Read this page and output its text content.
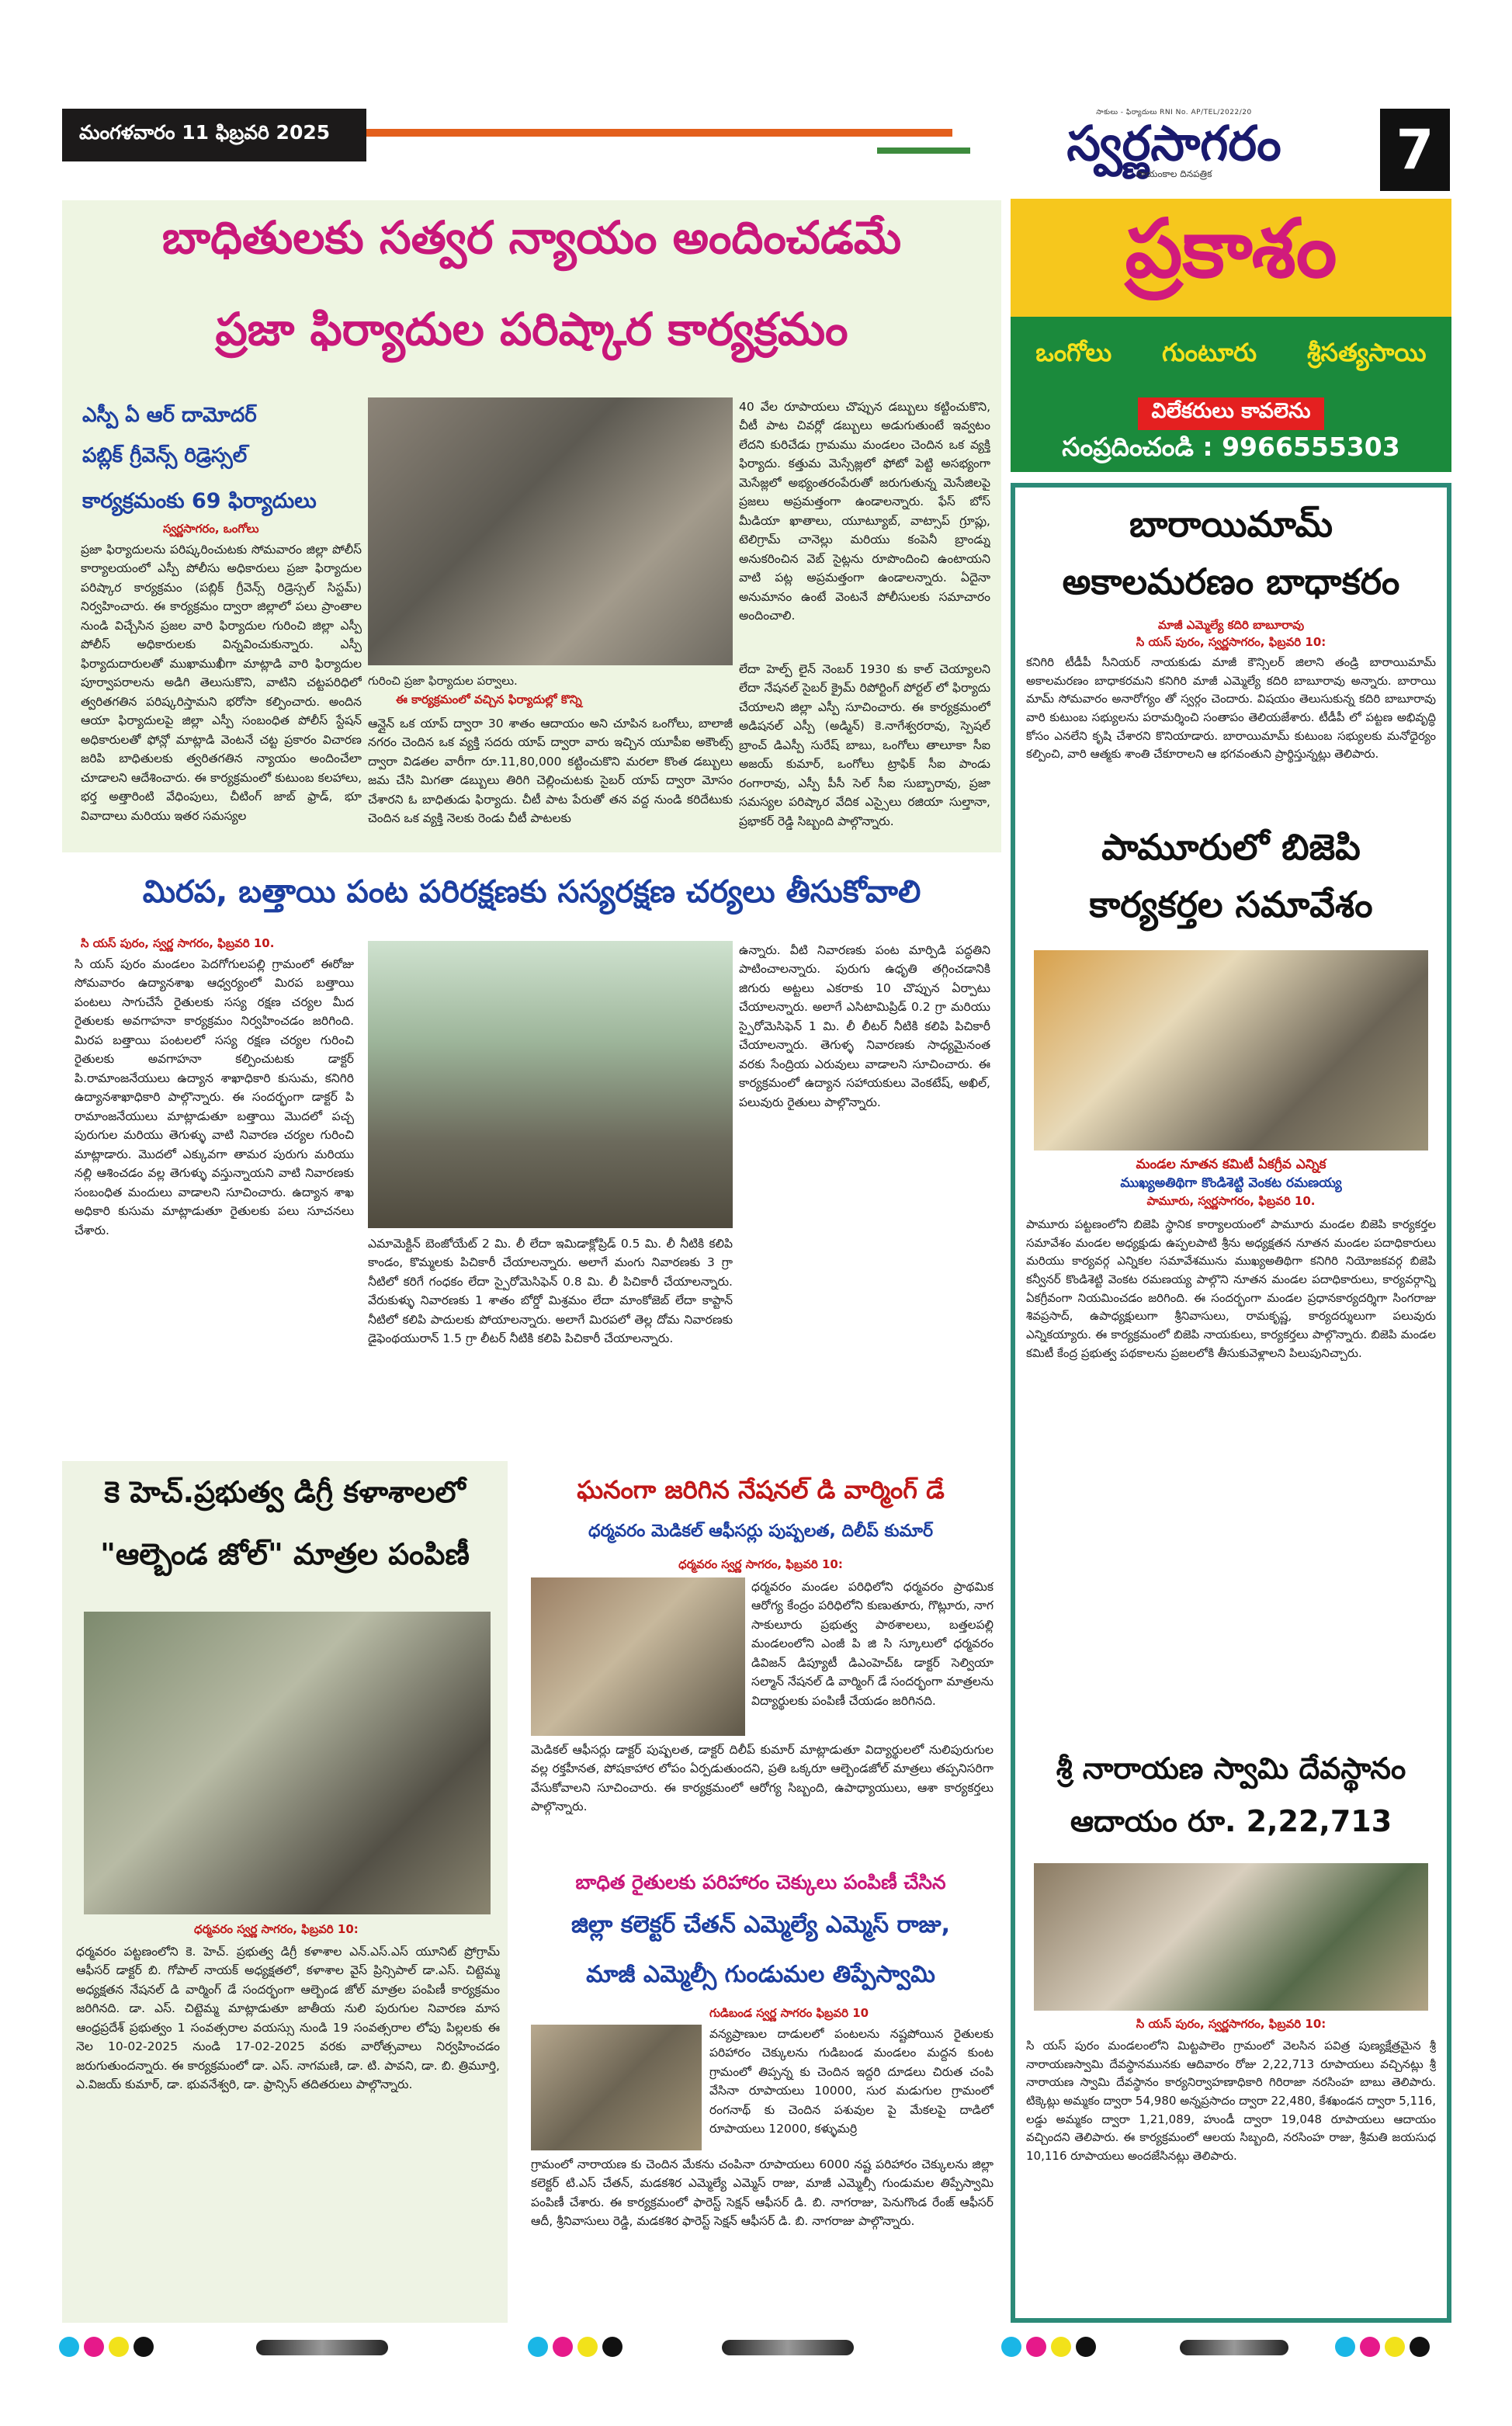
మంగళవారం 11 ఫిబ్రవరి 2025
సాకులు - ఫిర్యాదులు RNI No. AP/TEL/2022/20
స్వర్ణసాగరం
సాయంకాల దినపత్రిక	7
ప్రకాశం
ఒంగోలు గుంటూరు శ్రీసత్యసాయి
విలేకరులు కావలెను
సంప్రదించండి : 9966555303
బాధితులకు సత్వర న్యాయం అందించడమే
ప్రజా ఫిర్యాదుల పరిష్కార కార్యక్రమం
ఎస్పీ ఏ ఆర్ దామోదర్
పబ్లిక్ గ్రీవెన్స్ రిడ్రెస్సల్
కార్యక్రమంకు 69 ఫిర్యాదులు
స్వర్ణసాగరం, ఒంగోలు
ప్రజా ఫిర్యాదులను పరిష్కరించుటకు సోమవారం జిల్లా పోలీస్ కార్యాలయంలో ఎస్పీ పోలీసు అధికారులు ప్రజా ఫిర్యాదుల పరిష్కార కార్యక్రమం (పబ్లిక్ గ్రీవెన్స్ రిడ్రెస్సల్ సిస్టమ్) నిర్వహించారు. ఈ కార్యక్రమం ద్వారా జిల్లాలో పలు ప్రాంతాల నుండి విచ్చేసిన ప్రజల వారి ఫిర్యాదుల గురించి జిల్లా ఎస్పీ పోలీస్ అధికారులకు విన్నవించుకున్నారు. ఎస్పీ ఫిర్యాదుదారులతో ముఖాముఖీగా మాట్లాడి వారి ఫిర్యాదుల పూర్వాపరాలను అడిగి తెలుసుకొని, వాటిని చట్టపరిధిలో త్వరితగతిన పరిష్కరిస్తామని భరోసా కల్పించారు. అందిన ఆయా ఫిర్యాదులపై జిల్లా ఎస్పీ సంబంధిత పోలీస్ స్టేషన్ అధికారులతో ఫోన్లో మాట్లాడి వెంటనే చట్ట ప్రకారం విచారణ జరిపి బాధితులకు త్వరితగతిన న్యాయం అందించేలా చూడాలని ఆదేశించారు. ఈ కార్యక్రమంలో కుటుంబ కలహాలు, భర్త అత్తారింటి వేధింపులు, చీటింగ్ జాబ్ ఫ్రాడ్, భూ వివాదాలు మరియు ఇతర సమస్యల
గురించి ప్రజా ఫిర్యాదుల పర్వాలు.
ఈ కార్యక్రమంలో వచ్చిన ఫిర్యాదుల్లో కొన్ని
ఆన్లైన్ ఒక యాప్ ద్వారా 30 శాతం ఆదాయం అని చూపిన ఒంగోలు, బాలాజీ నగరం చెందిన ఒక వ్యక్తి సదరు యాప్ ద్వారా వారు ఇచ్చిన యూపీఐ అకౌంట్స్ ద్వారా విడతల వారీగా రూ.11,80,000 కట్టించుకొని మరలా కొంత డబ్బులు జమ చేసి మిగతా డబ్బులు తిరిగి చెల్లించుటకు సైబర్ యాప్ ద్వారా మోసం చేశారని ఓ బాధితుడు ఫిర్యాదు. చీటీ పాట పేరుతో తన వద్ద నుండి కరిదేటుకు చెందిన ఒక వ్యక్తి నెలకు రెండు చీటీ పాటలకు
40 వేల రూపాయలు చొప్పున డబ్బులు కట్టించుకొని, చీటీ పాట చివర్లో డబ్బులు అడుగుతుంటే ఇవ్వటం లేదని కురిచేడు గ్రామము మండలం చెందిన ఒక వ్యక్తి ఫిర్యాదు. కత్తుమ మెస్సేజ్లలో ఫోటో పెట్టి అసభ్యంగా మెసేజ్లలో అభ్యంతరంపేరుతో జరుగుతున్న మెసేజిలపై ప్రజలు అప్రమత్తంగా ఉండాలన్నారు. ఫేస్ బోస్ మీడియా ఖాతాలు, యూట్యూబ్, వాట్సాప్ గ్రూప్లు, టెలిగ్రామ్ చానెల్లు మరియు కంపెనీ బ్రాండ్ను అనుకరించిన వెబ్ సైట్లను రూపొందించి ఉంటాయని వాటి పట్ల అప్రమత్తంగా ఉండాలన్నారు. ఏదైనా అనుమానం ఉంటే వెంటనే పోలీసులకు సమాచారం అందించాలి.
లేదా హెల్ప్ లైన్ నెంబర్ 1930 కు కాల్ చెయ్యాలని లేదా నేషనల్ సైబర్ క్రైమ్ రిపోర్టింగ్ పోర్టల్ లో ఫిర్యాదు చేయాలని జిల్లా ఎస్పీ సూచించారు. ఈ కార్యక్రమంలో అడిషనల్ ఎస్పీ (అడ్మిన్) కె.నాగేశ్వరరావు, స్పెషల్ బ్రాంచ్ డిఎస్పీ సురేష్ బాబు, ఒంగోలు తాలూకా సీఐ అజయ్ కుమార్, ఒంగోలు ట్రాఫిక్ సీఐ పాండు రంగారావు, ఎస్పీ పీసీ సెల్ సీఐ సుబ్బారావు, ప్రజా సమస్యల పరిష్కార వేదిక ఎస్సైలు రజియా సుల్తానా, ప్రభాకర్ రెడ్డి సిబ్బంది పాల్గొన్నారు.
మిరప, బత్తాయి పంట పరిరక్షణకు సస్యరక్షణ చర్యలు తీసుకోవాలి
సి యస్ పురం, స్వర్ణ సాగరం, ఫిబ్రవరి 10.
సి యస్ పురం మండలం పెదగోగులపల్లి గ్రామంలో ఈరోజు సోమవారం ఉద్యానశాఖ ఆధ్వర్యంలో మిరప బత్తాయి పంటలు సాగుచేసే రైతులకు సస్య రక్షణ చర్యల మీద రైతులకు అవగాహనా కార్యక్రమం నిర్వహించడం జరిగింది. మిరప బత్తాయి పంటలలో సస్య రక్షణ చర్యల గురించి రైతులకు అవగాహనా కల్పించుటకు డాక్టర్ పి.రామాంజనేయులు ఉద్యాన శాఖాధికారి కుసుమ, కనిగిరి ఉద్యానశాఖాధికారి పాల్గొన్నారు. ఈ సందర్భంగా డాక్టర్ పి రామాంజనేయులు మాట్లాడుతూ బత్తాయి మొదలో పచ్చ పురుగుల మరియు తెగుళ్ళు వాటి నివారణ చర్యల గురించి మాట్లాడారు. మొదలో ఎక్కువగా తామర పురుగు మరియు నల్లి ఆశించడం వల్ల తెగుళ్ళు వస్తున్నాయని వాటి నివారణకు సంబంధిత మందులు వాడాలని సూచించారు. ఉద్యాన శాఖ అధికారి కుసుమ మాట్లాడుతూ రైతులకు పలు సూచనలు చేశారు.
ఎమామెక్టిన్ బెంజోయేట్ 2 మి. లీ లేదా ఇమిడాక్లోప్రిడ్ 0.5 మి. లీ నీటికి కలిపి కాండం, కొమ్మలకు పిచికారీ చేయాలన్నారు. అలాగే మంగు నివారణకు 3 గ్రా నీటిలో కరిగే గంధకం లేదా స్పైరోమెసిఫెన్ 0.8 మి. లీ పిచికారీ చేయాలన్నారు. వేరుకుళ్ళు నివారణకు 1 శాతం బోర్డో మిశ్రమం లేదా మాంకోజెబ్ లేదా కాప్టాన్ నీటిలో కలిపి పాదులకు పోయాలన్నారు. అలాగే మిరపలో తెల్ల దోమ నివారణకు డైఫెంథయురాన్ 1.5 గ్రా లీటర్ నీటికి కలిపి పిచికారీ చేయాలన్నారు.
ఉన్నారు. వీటి నివారణకు పంట మార్పిడి పద్ధతిని పాటించాలన్నారు. పురుగు ఉధృతి తగ్గించడానికి జిగురు అట్టలు ఎకరాకు 10 చొప్పున ఏర్పాటు చేయాలన్నారు. అలాగే ఎసిటామిప్రిడ్ 0.2 గ్రా మరియు స్పైరోమెసిఫెన్ 1 మి. లీ లీటర్ నీటికి కలిపి పిచికారీ చేయాలన్నారు. తెగుళ్ళ నివారణకు సాధ్యమైనంత వరకు సేంద్రియ ఎరువులు వాడాలని సూచించారు. ఈ కార్యక్రమంలో ఉద్యాన సహాయకులు వెంకటేష్, అఖిల్, పలువురు రైతులు పాల్గొన్నారు.
కె హెచ్.ప్రభుత్వ డిగ్రీ కళాశాలలో
"ఆల్బెండ జోల్" మాత్రల పంపిణీ
ధర్మవరం స్వర్ణ సాగరం, ఫిబ్రవరి 10:
ధర్మవరం పట్టణంలోని కె. హెచ్. ప్రభుత్వ డిగ్రీ కళాశాల ఎన్.ఎస్.ఎస్ యూనిట్ ప్రోగ్రామ్ ఆఫీసర్ డాక్టర్ బి. గోపాల్ నాయక్ అధ్యక్షతలో, కళాశాల వైస్ ప్రిన్సిపాల్ డా.ఎస్. చిట్టెమ్మ అధ్యక్షతన నేషనల్ డి వార్మింగ్ డే సందర్భంగా ఆల్బెండ జోల్ మాత్రల పంపిణీ కార్యక్రమం జరిగినది. డా. ఎస్. చిట్టెమ్మ మాట్లాడుతూ జాతీయ నులి పురుగుల నివారణ మాస ఆంధ్రప్రదేశ్ ప్రభుత్వం 1 సంవత్సరాల వయస్సు నుండి 19 సంవత్సరాల లోపు పిల్లలకు ఈ నెల 10-02-2025 నుండి 17-02-2025 వరకు వారోత్సవాలు నిర్వహించడం జరుగుతుందన్నారు. ఈ కార్యక్రమంలో డా. ఎస్. నాగమణి, డా. టి. పావని, డా. బి. త్రిమూర్తి, ఎ.విజయ్ కుమార్, డా. భువనేశ్వరి, డా. ఫ్రాన్సిస్ తదితరులు పాల్గొన్నారు.
ఘనంగా జరిగిన నేషనల్ డి వార్మింగ్ డే
ధర్మవరం మెడికల్ ఆఫీసర్లు పుష్పలత, దిలీప్ కుమార్
ధర్మవరం స్వర్ణ సాగరం, ఫిబ్రవరి 10:
ధర్మవరం మండల పరిధిలోని ధర్మవరం ప్రాథమిక ఆరోగ్య కేంద్రం పరిధిలోని కుణుతూరు, గొట్లూరు, నాగ సాకులూరు ప్రభుత్వ పాఠశాలలు, బత్తలపల్లి మండలంలోని ఎంజీ పి జి సి స్కూలులో ధర్మవరం డివిజన్ డిప్యూటీ డిఎంహెచ్ఓ డాక్టర్ సెల్వియా సల్మాన్ నేషనల్ డి వార్మింగ్ డే సందర్భంగా మాత్రలను విద్యార్థులకు పంపిణీ చేయడం జరిగినది.
మెడికల్ ఆఫీసర్లు డాక్టర్ పుష్పలత, డాక్టర్ దిలీప్ కుమార్ మాట్లాడుతూ విద్యార్థులలో నులిపురుగుల వల్ల రక్తహీనత, పోషకాహార లోపం ఏర్పడుతుందని, ప్రతి ఒక్కరూ ఆల్బెండజోల్ మాత్రలు తప్పనిసరిగా వేసుకోవాలని సూచించారు. ఈ కార్యక్రమంలో ఆరోగ్య సిబ్బంది, ఉపాధ్యాయులు, ఆశా కార్యకర్తలు పాల్గొన్నారు.
బాధిత రైతులకు పరిహారం చెక్కులు పంపిణీ చేసిన
జిల్లా కలెక్టర్ చేతన్ ఎమ్మెల్యే ఎమ్మెస్ రాజు,
మాజీ ఎమ్మెల్సీ గుండుమల తిప్పేస్వామి
గుడిబండ స్వర్ణ సాగరం ఫిబ్రవరి 10
వన్యప్రాణుల దాడులలో పంటలను నష్టపోయిన రైతులకు పరిహారం చెక్కులను గుడిబండ మండలం మద్దన కుంట గ్రామంలో తిప్పన్న కు చెందిన ఇద్దరి దూడలు చిరుత చంపి వేసినా రూపాయలు 10000, సుర మడుగుల గ్రామంలో రంగనాథ్ కు చెందిన పశువుల పై మేకలపై దాడిలో రూపాయలు 12000, కళ్ళుమర్రి
గ్రామంలో నారాయణ కు చెందిన మేకను చంపినా రూపాయలు 6000 నష్ట పరిహారం చెక్కులను జిల్లా కలెక్టర్ టి.ఎస్ చేతన్, మడకశిర ఎమ్మెల్యే ఎమ్మెస్ రాజు, మాజీ ఎమ్మెల్సీ గుండుమల తిప్పేస్వామి పంపిణీ చేశారు. ఈ కార్యక్రమంలో ఫారెస్ట్ సెక్షన్ ఆఫీసర్ డి. బి. నాగరాజు, పెనుగొండ రేంజ్ ఆఫీసర్ ఆదీ, శ్రీనివాసులు రెడ్డి, మడకశిర ఫారెస్ట్ సెక్షన్ ఆఫీసర్ డి. బి. నాగరాజు పాల్గొన్నారు.
బారాయిమామ్
అకాలమరణం బాధాకరం
మాజీ ఎమ్మెల్యే కదిరి బాబూరావు
సి యస్ పురం, స్వర్ణసాగరం, ఫిబ్రవరి 10:
కనిగిరి టీడీపీ సీనియర్ నాయకుడు మాజీ కౌన్సిలర్ జిలాని తండ్రి బారాయిమామ్ అకాలమరణం బాధాకరమని కనిగిరి మాజీ ఎమ్మెల్యే కదిరి బాబూరావు అన్నారు. బారాయి మామ్ సోమవారం అనారోగ్యం తో స్వర్గం చెందారు. విషయం తెలుసుకున్న కదిరి బాబూరావు వారి కుటుంబ సభ్యులను పరామర్శించి సంతాపం తెలియజేశారు. టీడీపీ లో పట్టణ అభివృద్ధి కోసం ఎనలేని కృషి చేశారని కొనియాడారు. బారాయిమామ్ కుటుంబ సభ్యులకు మనోధైర్యం కల్పించి, వారి ఆత్మకు శాంతి చేకూరాలని ఆ భగవంతుని ప్రార్థిస్తున్నట్లు తెలిపారు.
పామూరులో బిజెపి
కార్యకర్తల సమావేశం
మండల నూతన కమిటీ ఏకగ్రీవ ఎన్నిక
ముఖ్యఅతిథిగా కొండిశెట్టి వెంకట రమణయ్య
పామూరు, స్వర్ణసాగరం, ఫిబ్రవరి 10.
పామూరు పట్టణంలోని బిజెపి స్థానిక కార్యాలయంలో పామూరు మండల బిజెపి కార్యకర్తల సమావేశం మండల అధ్యక్షుడు ఉప్పలపాటి శ్రీను అధ్యక్షతన నూతన మండల పదాధికారులు మరియు కార్యవర్గ ఎన్నికల సమావేశమును ముఖ్యఅతిథిగా కనిగిరి నియోజకవర్గ బిజెపి కన్వీనర్ కొండిశెట్టి వెంకట రమణయ్య పాల్గొని నూతన మండల పదాధికారులు, కార్యవర్గాన్ని ఏకగ్రీవంగా నియమించడం జరిగింది. ఈ సందర్భంగా మండల ప్రధానకార్యదర్శిగా సింగరాజు శివప్రసాద్, ఉపాధ్యక్షులుగా శ్రీనివాసులు, రామకృష్ణ, కార్యదర్శులుగా పలువురు ఎన్నికయ్యారు. ఈ కార్యక్రమంలో బిజెపి నాయకులు, కార్యకర్తలు పాల్గొన్నారు. బిజెపి మండల కమిటీ కేంద్ర ప్రభుత్వ పథకాలను ప్రజలలోకి తీసుకువెళ్లాలని పిలుపునిచ్చారు.
శ్రీ నారాయణ స్వామి దేవస్థానం
ఆదాయం రూ. 2,22,713
సి యస్ పురం, స్వర్ణసాగరం, ఫిబ్రవరి 10:
సి యస్ పురం మండలంలోని మిట్టపాలెం గ్రామంలో వెలసిన పవిత్ర పుణ్యక్షేత్రమైన శ్రీ నారాయణస్వామి దేవస్థానమునకు ఆదివారం రోజు 2,22,713 రూపాయలు వచ్చినట్లు శ్రీ నారాయణ స్వామి దేవస్థానం కార్యనిర్వాహణాధికారి గిరిరాజా నరసింహ బాబు తెలిపారు. టిక్కెట్లు అమ్మకం ద్వారా 54,980 అన్నప్రసాదం ద్వారా 22,480, కేశఖండన ద్వారా 5,116, లడ్డు అమ్మకం ద్వారా 1,21,089, హుండీ ద్వారా 19,048 రూపాయలు ఆదాయం వచ్చిందని తెలిపారు. ఈ కార్యక్రమంలో ఆలయ సిబ్బంది, నరసింహ రాజు, శ్రీమతి జయసుధ 10,116 రూపాయలు అందజేసినట్లు తెలిపారు.
